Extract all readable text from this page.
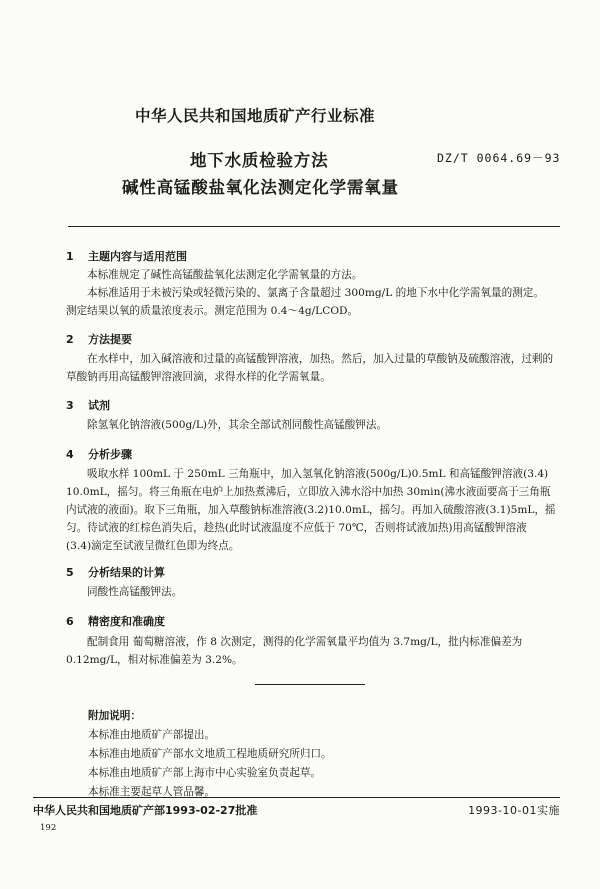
中华人民共和国地质矿产行业标准
地下水质检验方法
碱性高锰酸盐氧化法测定化学需氧量
DZ/T 0064.69－93
1 主题内容与适用范围
本标准规定了碱性高锰酸盐氧化法测定化学需氧量的方法。
本标准适用于未被污染或轻微污染的、氯离子含量超过 300mg/L 的地下水中化学需氧量的测定。
测定结果以氧的质量浓度表示。测定范围为 0.4～4g/LCOD。
2 方法提要
在水样中，加入碱溶液和过量的高锰酸钾溶液，加热。然后，加入过量的草酸钠及硫酸溶液，过剩的
草酸钠再用高锰酸钾溶液回滴，求得水样的化学需氧量。
3 试剂
除氢氧化钠溶液(500g/L)外，其余全部试剂同酸性高锰酸钾法。
4 分析步骤
吸取水样 100mL 于 250mL 三角瓶中，加入氢氧化钠溶液(500g/L)0.5mL 和高锰酸钾溶液(3.4)
10.0mL，摇匀。将三角瓶在电炉上加热煮沸后，立即放入沸水浴中加热 30min(沸水液面要高于三角瓶
内试液的液面)。取下三角瓶，加入草酸钠标准溶液(3.2)10.0mL，摇匀。再加入硫酸溶液(3.1)5mL，摇
匀。待试液的红棕色消失后，趁热(此时试液温度不应低于 70℃，否则将试液加热)用高锰酸钾溶液
(3.4)滴定至试液呈微红色即为终点。
5 分析结果的计算
同酸性高锰酸钾法。
6 精密度和准确度
配制食用 葡萄糖溶液，作 8 次测定，测得的化学需氧量平均值为 3.7mg/L，批内标准偏差为
0.12mg/L，相对标准偏差为 3.2%。
附加说明：
本标准由地质矿产部提出。
本标准由地质矿产部水文地质工程地质研究所归口。
本标准由地质矿产部上海市中心实验室负责起草。
本标准主要起草人管品馨。
中华人民共和国地质矿产部1993-02-27批准	1993-10-01实施
192
